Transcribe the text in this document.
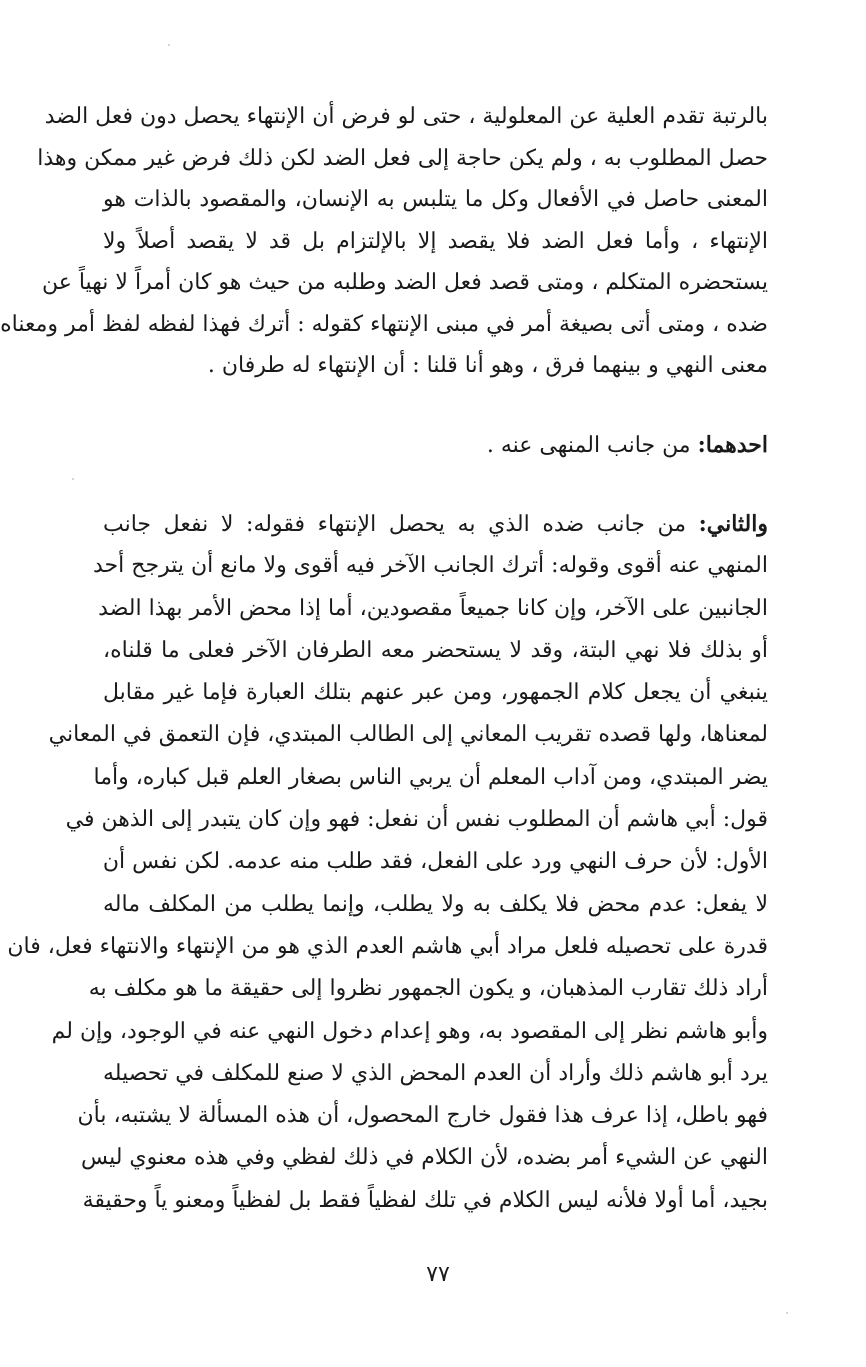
بالرتبة تقدم العلية عن المعلولية ، حتى لو فرض أن الإنتهاء يحصل دون فعل الضد
حصل المطلوب به ، ولم يكن حاجة إلى فعل الضد لكن ذلك فرض غير ممكن وهذا
المعنى حاصل في الأفعال وكل ما يتلبس به الإنسان، والمقصود بالذات هو
الإنتهاء ، وأما فعل الضد فلا يقصد إلا بالإلتزام بل قد لا يقصد أصلاً ولا
يستحضره المتكلم ، ومتى قصد فعل الضد وطلبه من حيث هو كان أمراً لا نهياً عن
ضده ، ومتى أتى بصيغة أمر في مبنى الإنتهاء كقوله : أترك فهذا لفظه لفظ أمر ومعناه
معنى النهي و بينهما فرق ، وهو أنا قلنا : أن الإنتهاء له طرفان .
احدهما: من جانب المنهى عنه .
والثاني: من جانب ضده الذي به يحصل الإنتهاء فقوله: لا نفعل جانب
المنهي عنه أقوى وقوله: أترك الجانب الآخر فيه أقوى ولا مانع أن يترجح أحد
الجانبين على الآخر، وإن كانا جميعاً مقصودين، أما إذا محض الأمر بهذا الضد
أو بذلك فلا نهي البتة، وقد لا يستحضر معه الطرفان الآخر فعلى ما قلناه،
ينبغي أن يجعل كلام الجمهور، ومن عبر عنهم بتلك العبارة فإما غير مقابل
لمعناها، ولها قصده تقريب المعاني إلى الطالب المبتدي، فإن التعمق في المعاني
يضر المبتدي، ومن آداب المعلم أن يربي الناس بصغار العلم قبل كباره، وأما
قول: أبي هاشم أن المطلوب نفس أن نفعل: فهو وإن كان يتبدر إلى الذهن في
الأول: لأن حرف النهي ورد على الفعل، فقد طلب منه عدمه. لكن نفس أن
لا يفعل: عدم محض فلا يكلف به ولا يطلب، وإنما يطلب من المكلف ماله
قدرة على تحصيله فلعل مراد أبي هاشم العدم الذي هو من الإنتهاء والانتهاء فعل، فان
أراد ذلك تقارب المذهبان، و يكون الجمهور نظروا إلى حقيقة ما هو مكلف به
وأبو هاشم نظر إلى المقصود به، وهو إعدام دخول النهي عنه في الوجود، وإن لم
يرد أبو هاشم ذلك وأراد أن العدم المحض الذي لا صنع للمكلف في تحصيله
فهو باطل، إذا عرف هذا فقول خارج المحصول، أن هذه المسألة لا يشتبه، بأن
النهي عن الشيء أمر بضده، لأن الكلام في ذلك لفظي وفي هذه معنوي ليس
بجيد، أما أولا فلأنه ليس الكلام في تلك لفظياً فقط بل لفظياً ومعنو ياً وحقيقة
٧٧
